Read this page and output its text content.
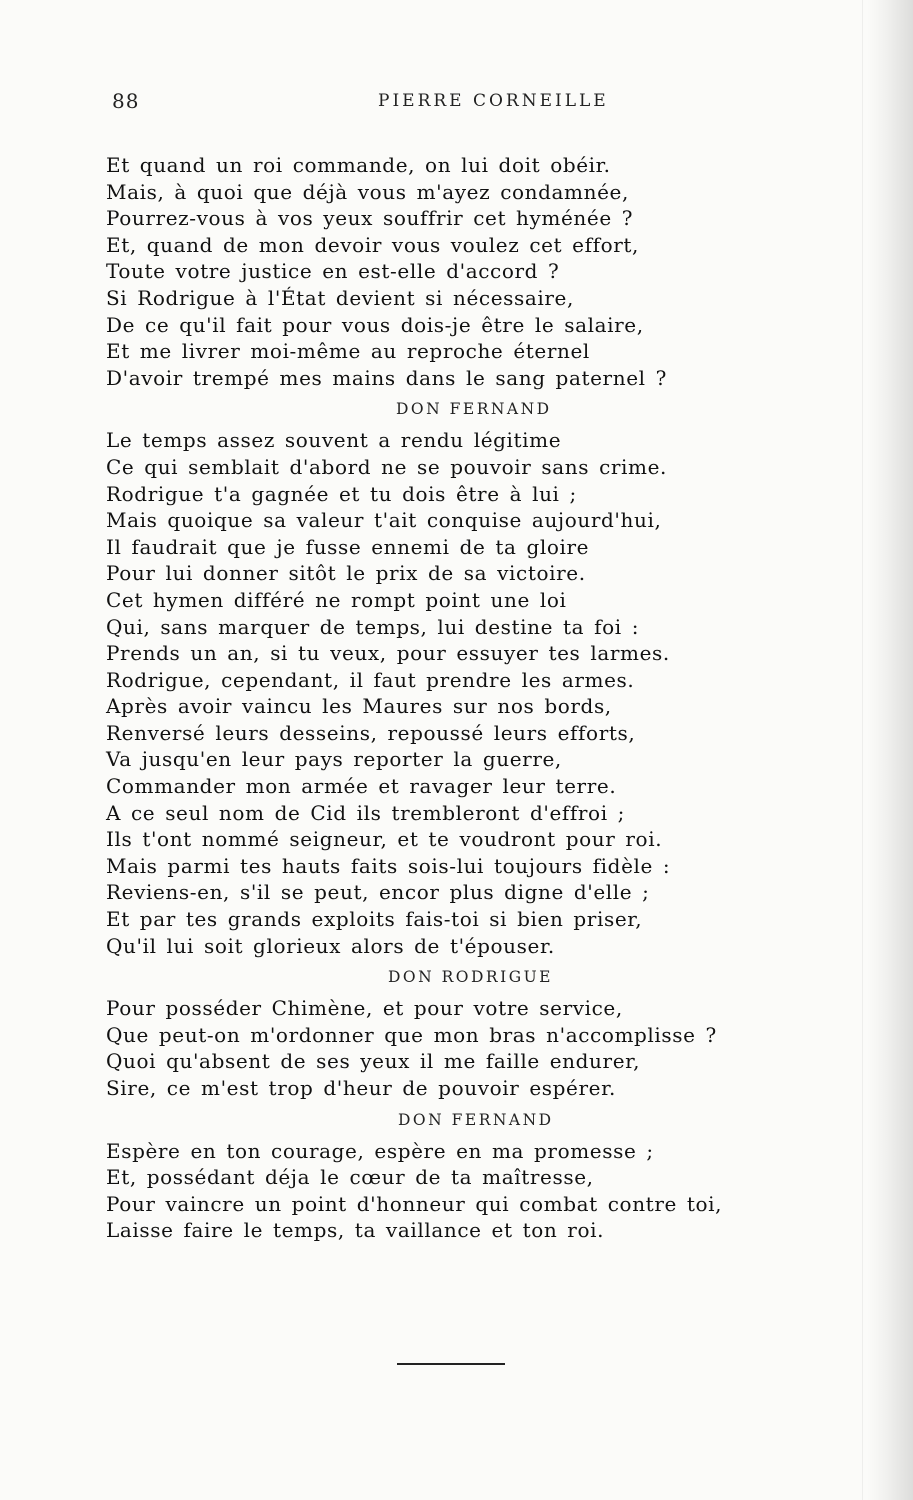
88	PIERRE CORNEILLE
Et quand un roi commande, on lui doit obéir.
Mais, à quoi que déjà vous m'ayez condamnée,
Pourrez-vous à vos yeux souffrir cet hyménée ?
Et, quand de mon devoir vous voulez cet effort,
Toute votre justice en est-elle d'accord ?
Si Rodrigue à l'État devient si nécessaire,
De ce qu'il fait pour vous dois-je être le salaire,
Et me livrer moi-même au reproche éternel
D'avoir trempé mes mains dans le sang paternel ?
DON FERNAND
Le temps assez souvent a rendu légitime
Ce qui semblait d'abord ne se pouvoir sans crime.
Rodrigue t'a gagnée et tu dois être à lui ;
Mais quoique sa valeur t'ait conquise aujourd'hui,
Il faudrait que je fusse ennemi de ta gloire
Pour lui donner sitôt le prix de sa victoire.
Cet hymen différé ne rompt point une loi
Qui, sans marquer de temps, lui destine ta foi :
Prends un an, si tu veux, pour essuyer tes larmes.
Rodrigue, cependant, il faut prendre les armes.
Après avoir vaincu les Maures sur nos bords,
Renversé leurs desseins, repoussé leurs efforts,
Va jusqu'en leur pays reporter la guerre,
Commander mon armée et ravager leur terre.
A ce seul nom de Cid ils trembleront d'effroi ;
Ils t'ont nommé seigneur, et te voudront pour roi.
Mais parmi tes hauts faits sois-lui toujours fidèle :
Reviens-en, s'il se peut, encor plus digne d'elle ;
Et par tes grands exploits fais-toi si bien priser,
Qu'il lui soit glorieux alors de t'épouser.
DON RODRIGUE
Pour posséder Chimène, et pour votre service,
Que peut-on m'ordonner que mon bras n'accomplisse ?
Quoi qu'absent de ses yeux il me faille endurer,
Sire, ce m'est trop d'heur de pouvoir espérer.
DON FERNAND
Espère en ton courage, espère en ma promesse ;
Et, possédant déja le cœur de ta maîtresse,
Pour vaincre un point d'honneur qui combat contre toi,
Laisse faire le temps, ta vaillance et ton roi.
